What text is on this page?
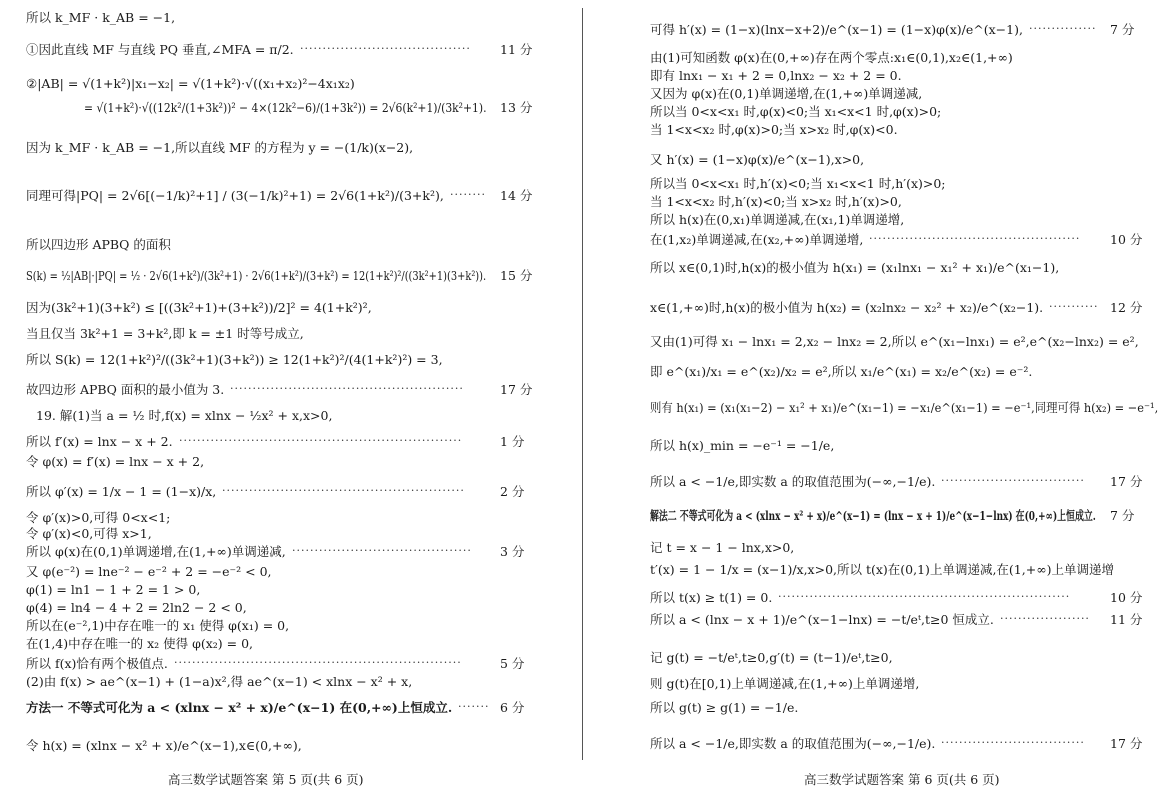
所以 k_MF · k_AB = −1,
①因此直线 MF 与直线 PQ 垂直,∠MFA = π/2. ······································	11 分
②|AB| = √(1+k²)|x₁−x₂| = √(1+k²)·√((x₁+x₂)²−4x₁x₂)
= √(1+k²)·√((12k²/(1+3k²))² − 4×(12k²−6)/(1+3k²)) = 2√6(k²+1)/(3k²+1). 13 分
因为 k_MF · k_AB = −1,所以直线 MF 的方程为 y = −(1/k)(x−2),
同理可得|PQ| = 2√6[(−1/k)²+1] / (3(−1/k)²+1) = 2√6(1+k²)/(3+k²), ········	14 分
所以四边形 APBQ 的面积
S(k) = ½|AB|·|PQ| = ½ · 2√6(1+k²)/(3k²+1) · 2√6(1+k²)/(3+k²) = 12(1+k²)²/((3k²+1)(3+k²)). 15 分
因为(3k²+1)(3+k²) ≤ [((3k²+1)+(3+k²))/2]² = 4(1+k²)²,
当且仅当 3k²+1 = 3+k²,即 k = ±1 时等号成立,
所以 S(k) = 12(1+k²)²/((3k²+1)(3+k²)) ≥ 12(1+k²)²/(4(1+k²)²) = 3,
故四边形 APBQ 面积的最小值为 3. ····················································	17 分
19. 解(1)当 a = ½ 时,f(x) = xlnx − ½x² + x,x>0,
所以 f′(x) = lnx − x + 2. ·······························································	1 分
令 φ(x) = f′(x) = lnx − x + 2,
所以 φ′(x) = 1/x − 1 = (1−x)/x, ······················································	2 分
令 φ′(x)>0,可得 0<x<1;
令 φ′(x)<0,可得 x>1,
所以 φ(x)在(0,1)单调递增,在(1,+∞)单调递减, ········································	3 分
又 φ(e⁻²) = lne⁻² − e⁻² + 2 = −e⁻² < 0,
φ(1) = ln1 − 1 + 2 = 1 > 0,
φ(4) = ln4 − 4 + 2 = 2ln2 − 2 < 0,
所以在(e⁻²,1)中存在唯一的 x₁ 使得 φ(x₁) = 0,
在(1,4)中存在唯一的 x₂ 使得 φ(x₂) = 0,
所以 f(x)恰有两个极值点. ································································	5 分
(2)由 f(x) > ae^(x−1) + (1−a)x²,得 ae^(x−1) < xlnx − x² + x,
方法一 不等式可化为 a < (xlnx − x² + x)/e^(x−1) 在(0,+∞)上恒成立. ······· 6 分
令 h(x) = (xlnx − x² + x)/e^(x−1),x∈(0,+∞),
高三数学试题答案 第 5 页(共 6 页)
可得 h′(x) = (1−x)(lnx−x+2)/e^(x−1) = (1−x)φ(x)/e^(x−1), ···············	7 分
由(1)可知函数 φ(x)在(0,+∞)存在两个零点:x₁∈(0,1),x₂∈(1,+∞)
即有 lnx₁ − x₁ + 2 = 0,lnx₂ − x₂ + 2 = 0.
又因为 φ(x)在(0,1)单调递增,在(1,+∞)单调递减,
所以当 0<x<x₁ 时,φ(x)<0;当 x₁<x<1 时,φ(x)>0;
当 1<x<x₂ 时,φ(x)>0;当 x>x₂ 时,φ(x)<0.
又 h′(x) = (1−x)φ(x)/e^(x−1),x>0,
所以当 0<x<x₁ 时,h′(x)<0;当 x₁<x<1 时,h′(x)>0;
当 1<x<x₂ 时,h′(x)<0;当 x>x₂ 时,h′(x)>0,
所以 h(x)在(0,x₁)单调递减,在(x₁,1)单调递增,
在(1,x₂)单调递减,在(x₂,+∞)单调递增, ···············································	10 分
所以 x∈(0,1)时,h(x)的极小值为 h(x₁) = (x₁lnx₁ − x₁² + x₁)/e^(x₁−1),
x∈(1,+∞)时,h(x)的极小值为 h(x₂) = (x₂lnx₂ − x₂² + x₂)/e^(x₂−1). ··········· 12 分
又由(1)可得 x₁ − lnx₁ = 2,x₂ − lnx₂ = 2,所以 e^(x₁−lnx₁) = e²,e^(x₂−lnx₂) = e²,
即 e^(x₁)/x₁ = e^(x₂)/x₂ = e²,所以 x₁/e^(x₁) = x₂/e^(x₂) = e⁻².
则有 h(x₁) = (x₁(x₁−2) − x₁² + x₁)/e^(x₁−1) = −x₁/e^(x₁−1) = −e⁻¹,同理可得 h(x₂) = −e⁻¹,
所以 h(x)_min = −e⁻¹ = −1/e,
所以 a < −1/e,即实数 a 的取值范围为(−∞,−1/e). ································	17 分
解法二 不等式可化为 a < (xlnx − x² + x)/e^(x−1) = (lnx − x + 1)/e^(x−1−lnx) 在(0,+∞)上恒成立. 7 分
记 t = x − 1 − lnx,x>0,
t′(x) = 1 − 1/x = (x−1)/x,x>0,所以 t(x)在(0,1)上单调递减,在(1,+∞)上单调递增
所以 t(x) ≥ t(1) = 0. ·································································	10 分
所以 a < (lnx − x + 1)/e^(x−1−lnx) = −t/eᵗ,t≥0 恒成立. ····················	11 分
记 g(t) = −t/eᵗ,t≥0,g′(t) = (t−1)/eᵗ,t≥0,
则 g(t)在[0,1)上单调递减,在(1,+∞)上单调递增,
所以 g(t) ≥ g(1) = −1/e.
所以 a < −1/e,即实数 a 的取值范围为(−∞,−1/e). ································	17 分
高三数学试题答案 第 6 页(共 6 页)
